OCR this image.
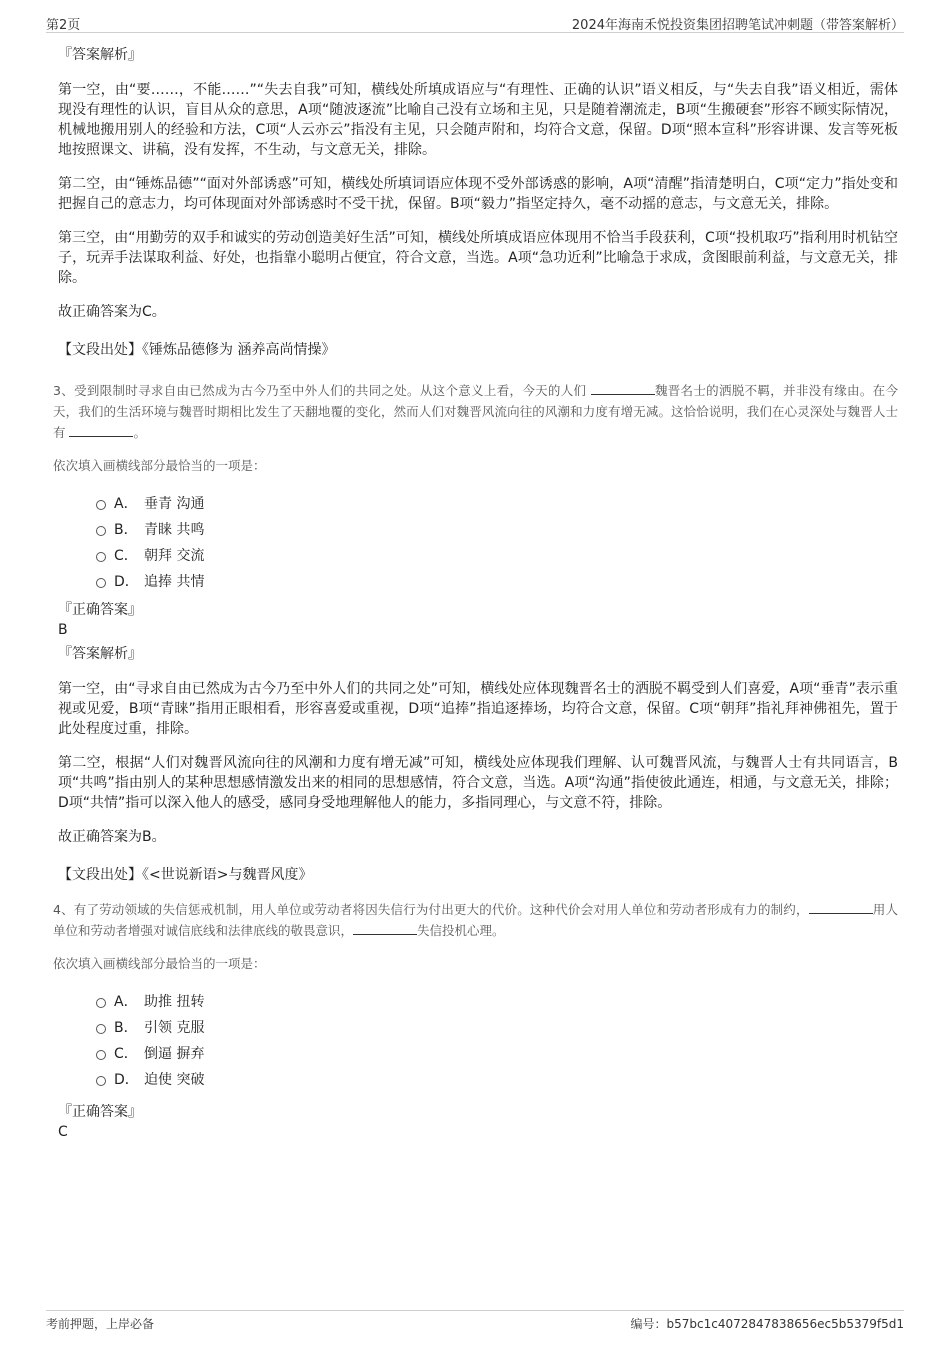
第2页	2024年海南禾悦投资集团招聘笔试冲刺题（带答案解析）
『答案解析』

第一空，由“要……，不能……”“失去自我”可知，横线处所填成语应与“有理性、正确的认识”语义相反，与“失去自我”语义相近，需体现没有理性的认识，盲目从众的意思，A项“随波逐流”比喻自己没有立场和主见，只是随着潮流走，B项“生搬硬套”形容不顾实际情况，机械地搬用别人的经验和方法，C项“人云亦云”指没有主见，只会随声附和，均符合文意，保留。D项“照本宣科”形容讲课、发言等死板地按照课文、讲稿，没有发挥，不生动，与文意无关，排除。

第二空，由“锤炼品德”“面对外部诱惑”可知，横线处所填词语应体现不受外部诱惑的影响，A项“清醒”指清楚明白，C项“定力”指处变和把握自己的意志力，均可体现面对外部诱惑时不受干扰，保留。B项“毅力”指坚定持久，毫不动摇的意志，与文意无关，排除。

第三空，由“用勤劳的双手和诚实的劳动创造美好生活”可知，横线处所填成语应体现用不恰当手段获利，C项“投机取巧”指利用时机钻空子，玩弄手法谋取利益、好处，也指靠小聪明占便宜，符合文意，当选。A项“急功近利”比喻急于求成，贪图眼前利益，与文意无关，排除。

故正确答案为C。

【文段出处】《锤炼品德修为 涵养高尚情操》
3、受到限制时寻求自由已然成为古今乃至中外人们的共同之处。从这个意义上看，今天的人们	魏晋名士的洒脱不羁，并非没有缘由。在今天，我们的生活环境与魏晋时期相比发生了天翻地覆的变化，然而人们对魏晋风流向往的风潮和力度有增无减。这恰恰说明，我们在心灵深处与魏晋人士有	。
依次填入画横线部分最恰当的一项是：
A． 垂青 沟通
B． 青睐 共鸣
C． 朝拜 交流
D． 追捧 共情
『正确答案』
B
『答案解析』

第一空，由“寻求自由已然成为古今乃至中外人们的共同之处”可知，横线处应体现魏晋名士的洒脱不羁受到人们喜爱，A项“垂青”表示重视或见爱，B项“青睐”指用正眼相看，形容喜爱或重视，D项“追捧”指追逐捧场，均符合文意，保留。C项“朝拜”指礼拜神佛祖先，置于此处程度过重，排除。

第二空，根据“人们对魏晋风流向往的风潮和力度有增无减”可知，横线处应体现我们理解、认可魏晋风流，与魏晋人士有共同语言，B项“共鸣”指由别人的某种思想感情激发出来的相同的思想感情，符合文意，当选。A项“沟通”指使彼此通连，相通，与文意无关，排除；D项“共情”指可以深入他人的感受，感同身受地理解他人的能力，多指同理心，与文意不符，排除。

故正确答案为B。

【文段出处】《<世说新语>与魏晋风度》
4、有了劳动领域的失信惩戒机制，用人单位或劳动者将因失信行为付出更大的代价。这种代价会对用人单位和劳动者形成有力的制约，	用人单位和劳动者增强对诚信底线和法律底线的敬畏意识，	失信投机心理。
依次填入画横线部分最恰当的一项是：
A． 助推 扭转
B． 引领 克服
C． 倒逼 摒弃
D． 迫使 突破
『正确答案』
C
考前押题，上岸必备	编号：b57bc1c4072847838656ec5b5379f5d1
